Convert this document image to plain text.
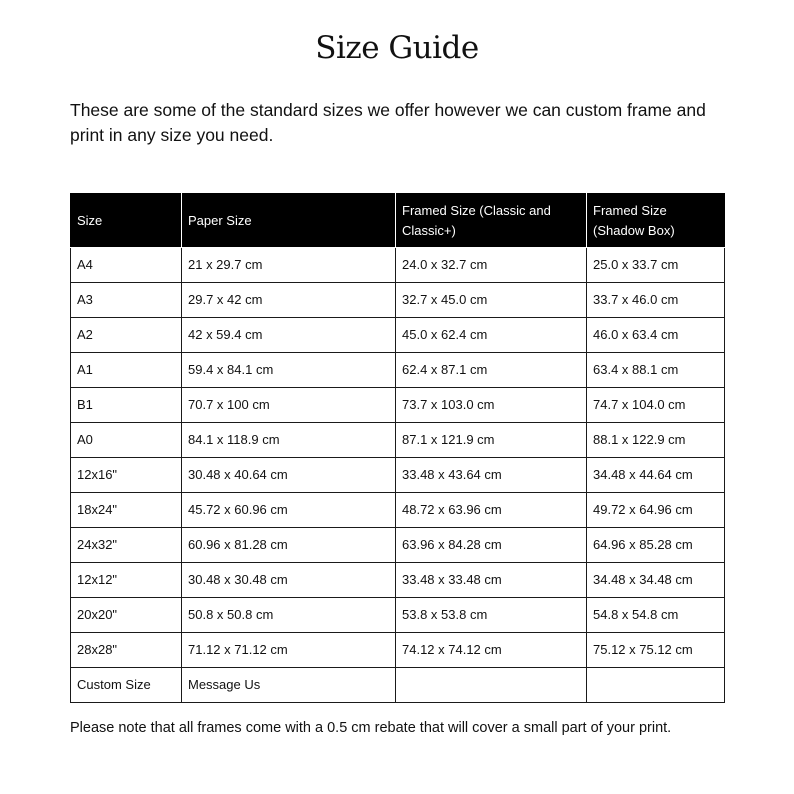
Size Guide

These are some of the standard sizes we offer however we can custom frame and print in any size you need.

Size	Paper Size	Framed Size (Classic and Classic+)	Framed Size (Shadow Box)
A4	21 x 29.7 cm	24.0 x 32.7 cm	25.0 x 33.7 cm
A3	29.7 x 42 cm	32.7 x 45.0 cm	33.7 x 46.0 cm
A2	42 x 59.4 cm	45.0 x 62.4 cm	46.0 x 63.4 cm
A1	59.4 x 84.1 cm	62.4 x 87.1 cm	63.4 x 88.1 cm
B1	70.7 x 100 cm	73.7 x 103.0 cm	74.7 x 104.0 cm
A0	84.1 x 118.9 cm	87.1 x 121.9 cm	88.1 x 122.9 cm
12x16"	30.48 x 40.64 cm	33.48 x 43.64 cm	34.48 x 44.64 cm
18x24"	45.72 x 60.96 cm	48.72 x 63.96 cm	49.72 x 64.96 cm
24x32"	60.96 x 81.28 cm	63.96 x 84.28 cm	64.96 x 85.28 cm
12x12"	30.48 x 30.48 cm	33.48 x 33.48 cm	34.48 x 34.48 cm
20x20"	50.8 x 50.8 cm	53.8 x 53.8 cm	54.8 x 54.8 cm
28x28"	71.12 x 71.12 cm	74.12 x 74.12 cm	75.12 x 75.12 cm
Custom Size	Message Us		

Please note that all frames come with a 0.5 cm rebate that will cover a small part of your print.
